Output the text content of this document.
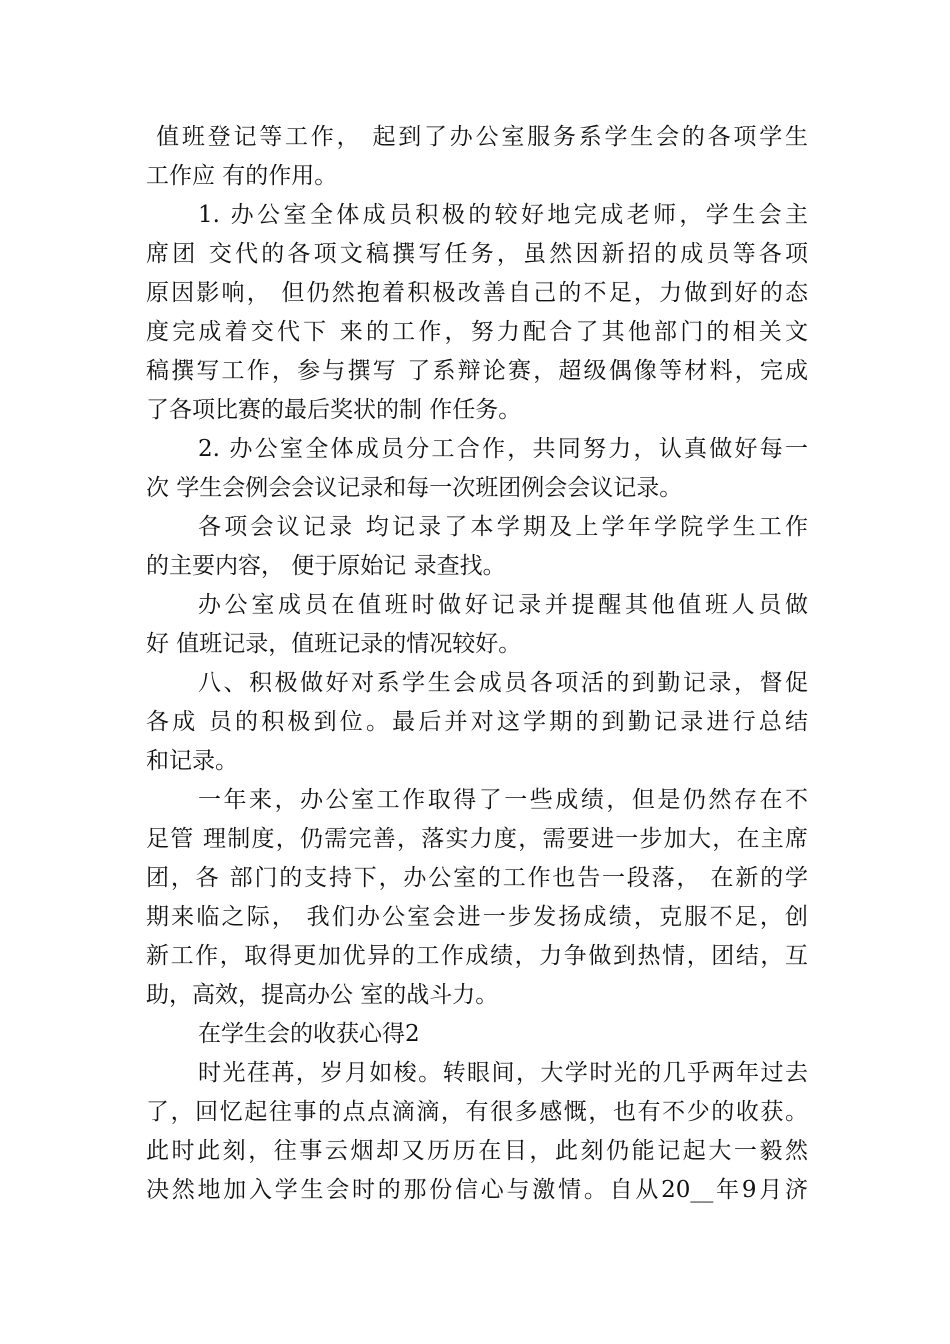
值班登记等工作， 起到了办公室服务系学生会的各项学生
工作应 有的作用。
1. 办公室全体成员积极的较好地完成老师，学生会主
席团 交代的各项文稿撰写任务，虽然因新招的成员等各项
原因影响， 但仍然抱着积极改善自己的不足，力做到好的态
度完成着交代下 来的工作，努力配合了其他部门的相关文
稿撰写工作，参与撰写 了系辩论赛，超级偶像等材料，完成
了各项比赛的最后奖状的制 作任务。
2. 办公室全体成员分工合作，共同努力，认真做好每一
次 学生会例会会议记录和每一次班团例会会议记录。
各项会议记录 均记录了本学期及上学年学院学生工作
的主要内容， 便于原始记 录查找。
办公室成员在值班时做好记录并提醒其他值班人员做
好 值班记录，值班记录的情况较好。
八、积极做好对系学生会成员各项活的到勤记录，督促
各成 员的积极到位。最后并对这学期的到勤记录进行总结
和记录。
一年来，办公室工作取得了一些成绩，但是仍然存在不
足管 理制度，仍需完善，落实力度，需要进一步加大，在主席
团，各 部门的支持下，办公室的工作也告一段落， 在新的学
期来临之际， 我们办公室会进一步发扬成绩，克服不足，创
新工作，取得更加优异的工作成绩，力争做到热情，团结，互
助，高效，提高办公 室的战斗力。
在学生会的收获心得2
时光荏苒，岁月如梭。转眼间，大学时光的几乎两年过去
了，回忆起往事的点点滴滴，有很多感慨，也有不少的收获。
此时此刻，往事云烟却又历历在目，此刻仍能记起大一毅然
决然地加入学生会时的那份信心与激情。自从20__年9月济
